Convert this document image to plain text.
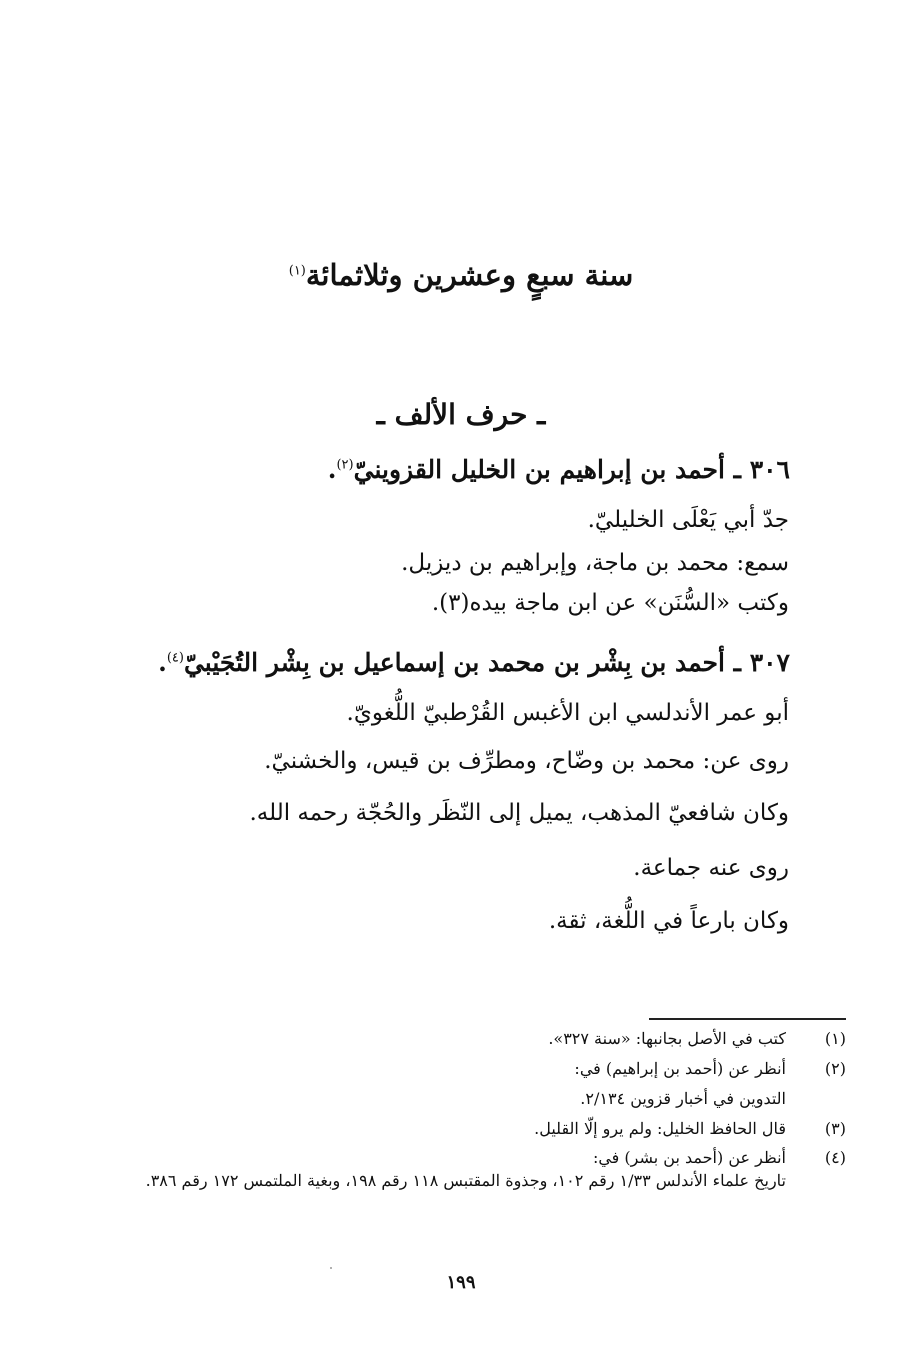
سنة سبعٍ وعشرين وثلاثمائة$^{(١)}$
ـ حرف الألف ـ
٣٠٦ ـ أحمد بن إبراهيم بن الخليل القزوينيّ$^{(٢)}$.
جدّ أبي يَعْلَى الخليليّ.
سمع: محمد بن ماجة، وإبراهيم بن ديزيل.
وكتب «السُّنَن» عن ابن ماجة بيده(٣).
٣٠٧ ـ أحمد بن بِشْر بن محمد بن إسماعيل بن بِشْر التُجَيْبيّ$^{(٤)}$.
أبو عمر الأندلسي ابن الأغبس القُرْطبيّ اللُّغويّ.
روى عن: محمد بن وضّاح، ومطرِّف بن قيس، والخشنيّ.
وكان شافعيّ المذهب، يميل إلى النّظَر والحُجّة رحمه الله.
روى عنه جماعة.
وكان بارعاً في اللُّغة، ثقة.
(١)
كتب في الأصل بجانبها: «سنة ٣٢٧».
(٢)
أنظر عن (أحمد بن إبراهيم) في:
التدوين في أخبار قزوين ٢/١٣٤.
(٣)
قال الحافظ الخليل: ولم يرو إلّا القليل.
(٤)
أنظر عن (أحمد بن بشر) في:
تاريخ علماء الأندلس ١/٣٣ رقم ١٠٢، وجذوة المقتبس ١١٨ رقم ١٩٨، وبغية الملتمس ١٧٢ رقم ٣٨٦.
١٩٩
